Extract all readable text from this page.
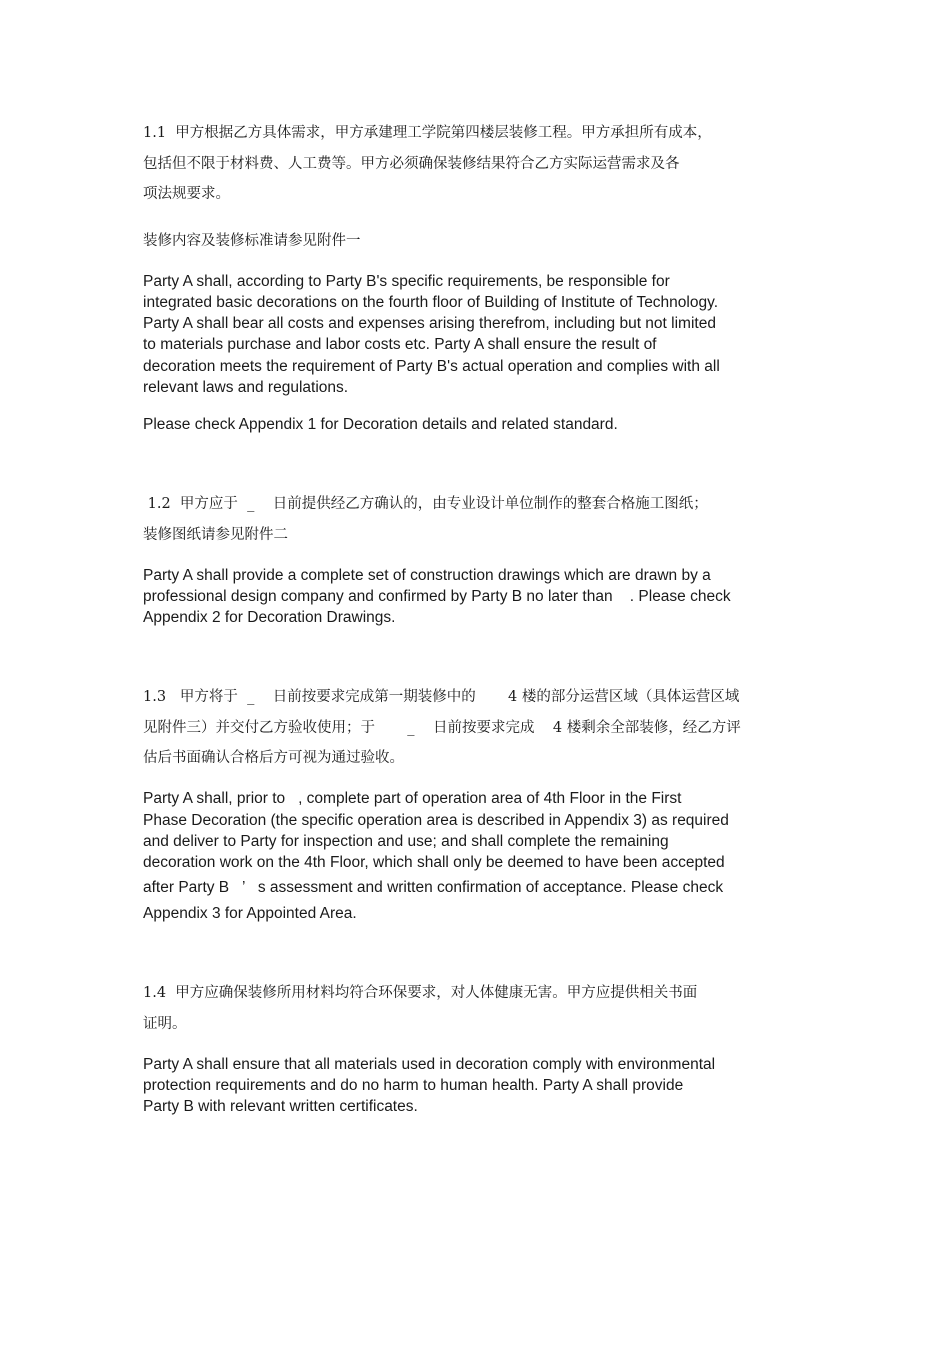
1.1  甲方根据乙方具体需求，甲方承建理工学院第四楼层装修工程。甲方承担所有成本，

包括但不限于材料费、人工费等。甲方必须确保装修结果符合乙方实际运营需求及各

项法规要求。

装修内容及装修标准请参见附件一

Party A shall, according to Party B's specific requirements, be responsible for

integrated basic decorations on the fourth floor of Building of Institute of Technology.

Party A shall bear all costs and expenses arising therefrom, including but not limited

to materials purchase and labor costs etc. Party A shall ensure the result of

decoration meets the requirement of Party B's actual operation and complies with all

relevant laws and regulations.

Please check Appendix 1 for Decoration details and related standard.

1.2  甲方应于  _    日前提供经乙方确认的，由专业设计单位制作的整套合格施工图纸；

装修图纸请参见附件二

Party A shall provide a complete set of construction drawings which are drawn by a

professional design company and confirmed by Party B no later than    . Please check

Appendix 2 for Decoration Drawings.

1.3   甲方将于  _    日前按要求完成第一期装修中的       4 楼的部分运营区域（具体运营区域

见附件三）并交付乙方验收使用；于       _    日前按要求完成    4 楼剩余全部装修，经乙方评

估后书面确认合格后方可视为通过验收。

Party A shall, prior to   , complete part of operation area of 4th Floor in the First

Phase Decoration (the specific operation area is described in Appendix 3) as required

and deliver to Party for inspection and use; and shall complete the remaining

decoration work on the 4th Floor, which shall only be deemed to have been accepted

after Party B   ’   s assessment and written confirmation of acceptance. Please check

Appendix 3 for Appointed Area.

1.4  甲方应确保装修所用材料均符合环保要求，对人体健康无害。甲方应提供相关书面

证明。

Party A shall ensure that all materials used in decoration comply with environmental

protection requirements and do no harm to human health. Party A shall provide

Party B with relevant written certificates.
